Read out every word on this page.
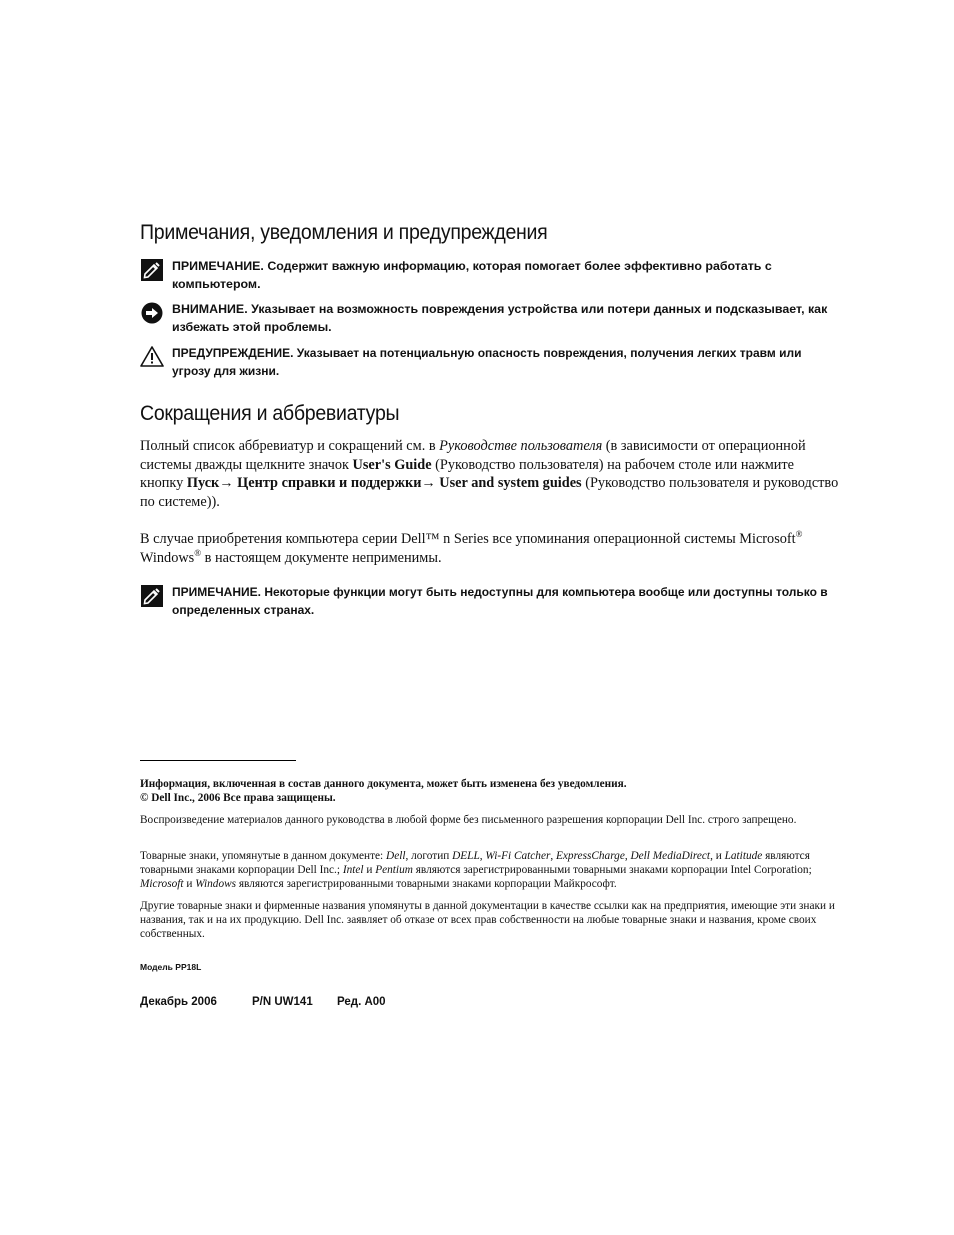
Примечания, уведомления и предупреждения
ПРИМЕЧАНИЕ. Содержит важную информацию, которая помогает более эффективно работать с компьютером.
ВНИМАНИЕ. Указывает на возможность повреждения устройства или потери данных и подсказывает, как избежать этой проблемы.
ПРЕДУПРЕЖДЕНИЕ. Указывает на потенциальную опасность повреждения, получения легких травм или угрозу для жизни.
Сокращения и аббревиатуры

Полный список аббревиатур и сокращений см. в Руководстве пользователя (в зависимости от операционной системы дважды щелкните значок User's Guide (Руководство пользователя) на рабочем столе или нажмите кнопку Пуск→ Центр справки и поддержки→ User and system guides (Руководство пользователя и руководство по системе)).

В случае приобретения компьютера серии Dell™ n Series все упоминания операционной системы Microsoft® Windows® в настоящем документе неприменимы.

ПРИМЕЧАНИЕ. Некоторые функции могут быть недоступны для компьютера вообще или доступны только в определенных странах.

Информация, включенная в состав данного документа, может быть изменена без уведомления.

© Dell Inc., 2006 Все права защищены.

Воспроизведение материалов данного руководства в любой форме без письменного разрешения корпорации Dell Inc. строго запрещено.

Товарные знаки, упомянутые в данном документе: Dell, логотип DELL, Wi-Fi Catcher, ExpressCharge, Dell MediaDirect, и Latitude являются товарными знаками корпорации Dell Inc.; Intel и Pentium являются зарегистрированными товарными знаками корпорации Intel Corporation; Microsoft и Windows являются зарегистрированными товарными знаками корпорации Майкрософт.

Другие товарные знаки и фирменные названия упомянуты в данной документации в качестве ссылки как на предприятия, имеющие эти знаки и названия, так и на их продукцию. Dell Inc. заявляет об отказе от всех прав собственности на любые товарные знаки и названия, кроме своих собственных.

Модель PP18L
Декабрь 2006	P/N UW141 Ред. A00
